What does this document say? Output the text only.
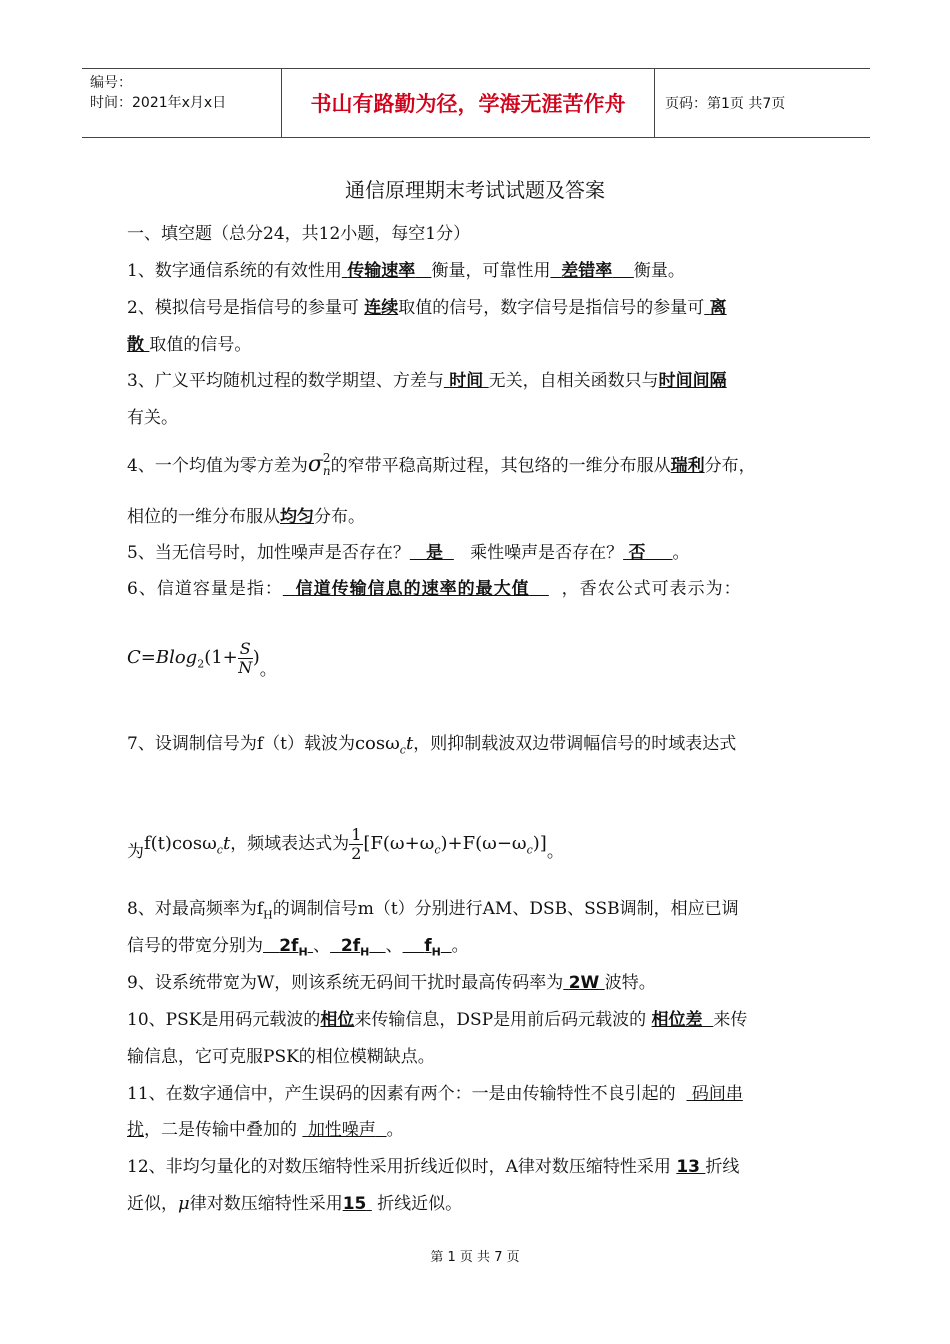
编号：
时间：2021年x月x日	书山有路勤为径，学海无涯苦作舟	页码：第1页 共7页
通信原理期末考试试题及答案
一、填空题（总分24，共12小题，每空1分）
1、数字通信系统的有效性用 传输速率 衡量，可靠性用 差错率 衡量。
2、模拟信号是指信号的参量可 连续取值的信号，数字信号是指信号的参量可 离
散 取值的信号。
3、广义平均随机过程的数学期望、方差与 时间 无关，自相关函数只与时间间隔
有关。
4、一个均值为零方差为σ 2
n 的窄带平稳高斯过程，其包络的一维分布服从瑞利分布，
相位的一维分布服从均匀分布。
5、当无信号时，加性噪声是否存在？ 是 乘性噪声是否存在？ 否 。
6、信道容量是指： 信道传输信息的速率的最大值 ，香农公式可表示为：
$C=Blog_2(1+ \frac{S}{N}$ )。
7、设调制信号为f（t）载波为cosω$_c$t，则抑制载波双边带调幅信号的时域表达式
为f(t)cosω$_c$t，频域表达式为 $\frac{1}{2} [F(\omega+\omega_c)+F(\omega-\omega_c)]$。
8、对最高频率为$f_H$的调制信号m（t）分别进行AM、DSB、SSB调制，相应已调
信号的带宽分别为 $2f_H$ 、 $2f_H$ 、 $f_H$ 。
9、设系统带宽为W，则该系统无码间干扰时最高传码率为 2W 波特。
10、PSK是用码元载波的相位来传输信息，DSP是用前后码元载波的 相位差 来传
输信息，它可克服PSK的相位模糊缺点。
11、在数字通信中，产生误码的因素有两个：一是由传输特性不良引起的 码间串
扰，二是传输中叠加的 加性噪声 。
12、非均匀量化的对数压缩特性采用折线近似时，A律对数压缩特性采用 13 折线
近似，μ律对数压缩特性采用15 折线近似。
第 1 页 共 7 页
